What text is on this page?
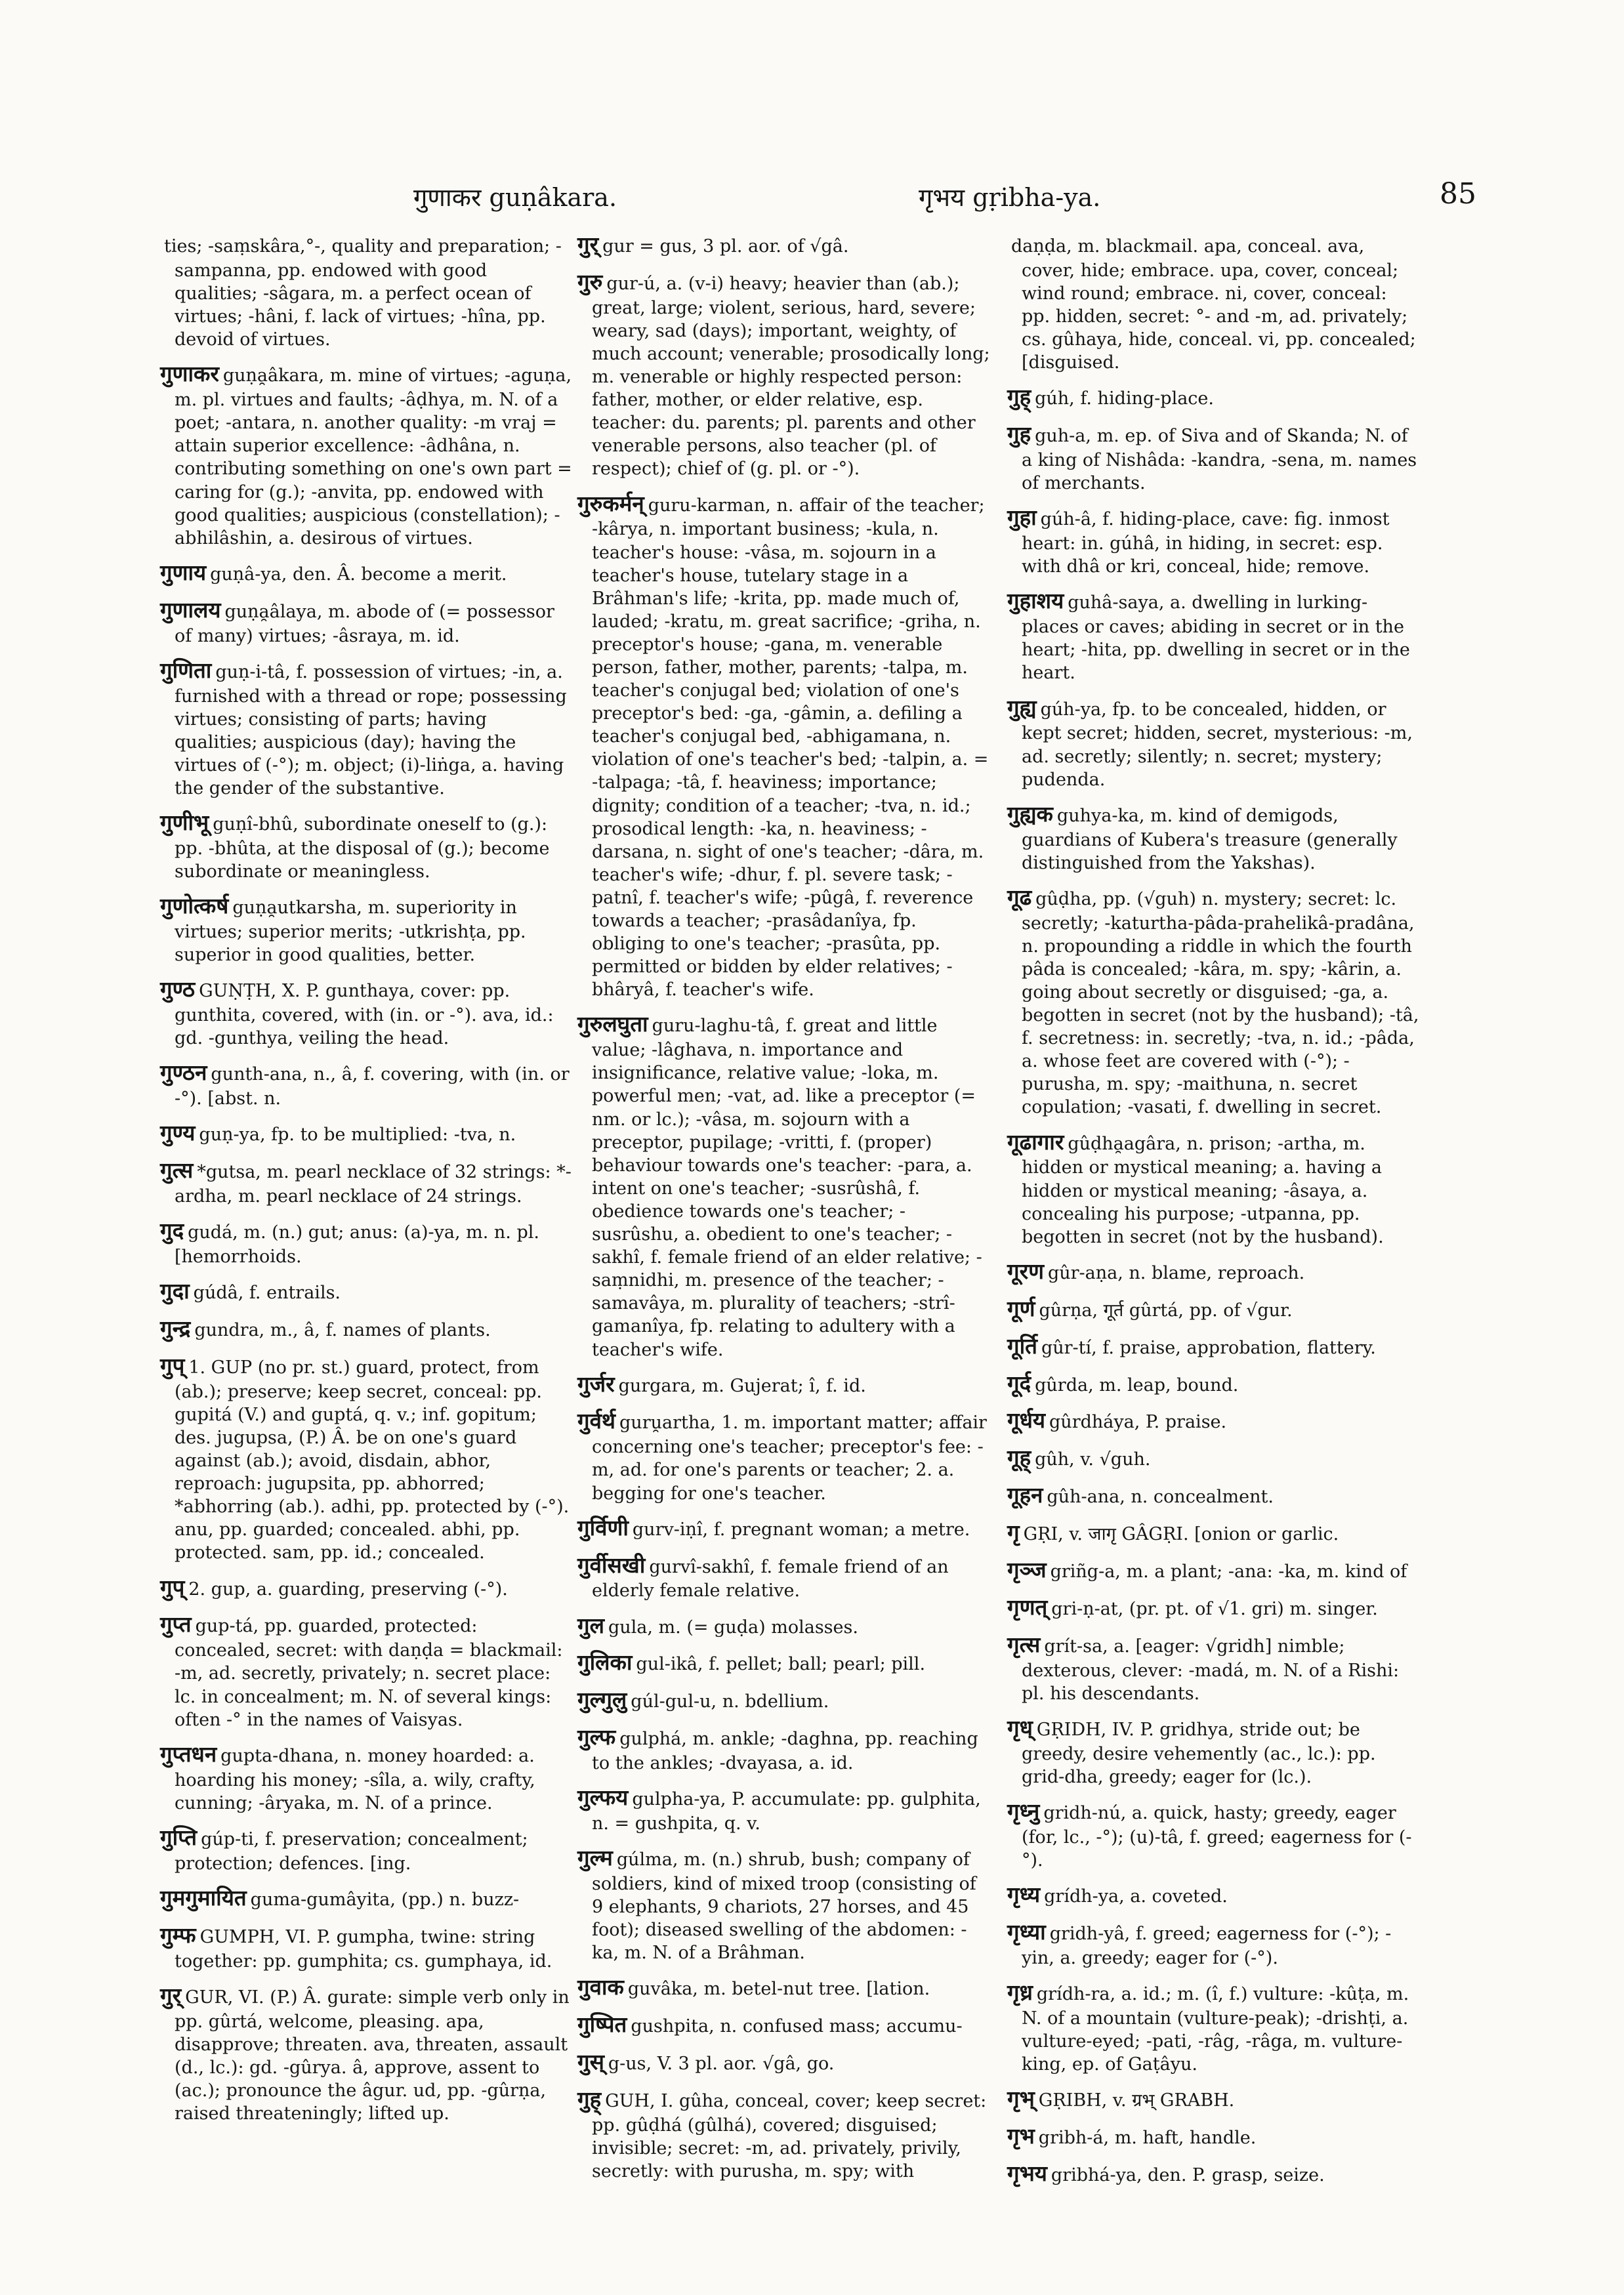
गुणाकर guṇâkara.	गृभय gṛibha-ya.	85
ties; -saṃskâra,°-, quality and preparation; -sampanna, pp. endowed with good qualities; -sâgara, m. a perfect ocean of virtues; -hâni, f. lack of virtues; -hîna, pp. devoid of virtues.
गुणाकर guṇa̯âkara, m. mine of virtues; -aguṇa, m. pl. virtues and faults; -âḍhya, m. N. of a poet; -antara, n. another quality: -m vraj = attain superior excellence: -âdhâna, n. contributing something on one's own part = caring for (g.); -anvita, pp. endowed with good qualities; auspicious (constellation); -abhilâshin, a. desirous of virtues.
गुणाय guṇâ-ya, den. Â. become a merit.
गुणालय guṇa̯âlaya, m. abode of (= possessor of many) virtues; -âsraya, m. id.
गुणिता guṇ-i-tâ, f. possession of virtues; -in, a. furnished with a thread or rope; possessing virtues; consisting of parts; having qualities; auspicious (day); having the virtues of (-°); m. object; (i)-liṅga, a. having the gender of the substantive.
गुणीभू guṇî-bhû, subordinate oneself to (g.): pp. -bhûta, at the disposal of (g.); become subordinate or meaningless.
गुणोत्कर्ष guṇa̯utkarsha, m. superiority in virtues; superior merits; -utkrishṭa, pp. superior in good qualities, better.
गुण्ठ GUṆṬH, X. P. gunthaya, cover: pp. gunthita, covered, with (in. or -°). ava, id.: gd. -gunthya, veiling the head.
गुण्ठन gunth-ana, n., â, f. covering, with (in. or -°). [abst. n.
गुण्य guṇ-ya, fp. to be multiplied: -tva, n.
गुत्स *gutsa, m. pearl necklace of 32 strings: *-ardha, m. pearl necklace of 24 strings.
गुद gudá, m. (n.) gut; anus: (a)-ya, m. n. pl. [hemorrhoids.
गुदा gúdâ, f. entrails.
गुन्द्र gundra, m., â, f. names of plants.
गुप् 1. GUP (no pr. st.) guard, protect, from (ab.); preserve; keep secret, conceal: pp. gupitá (V.) and guptá, q. v.; inf. gopitum; des. jugupsa, (P.) Â. be on one's guard against (ab.); avoid, disdain, abhor, reproach: jugupsita, pp. abhorred; *abhorring (ab.). adhi, pp. protected by (-°). anu, pp. guarded; concealed. abhi, pp. protected. sam, pp. id.; concealed.
गुप् 2. gup, a. guarding, preserving (-°).
गुप्त gup-tá, pp. guarded, protected: concealed, secret: with daṇḍa = blackmail: -m, ad. secretly, privately; n. secret place: lc. in concealment; m. N. of several kings: often -° in the names of Vaisyas.
गुप्तधन gupta-dhana, n. money hoarded: a. hoarding his money; -sîla, a. wily, crafty, cunning; -âryaka, m. N. of a prince.
गुप्ति gúp-ti, f. preservation; concealment; protection; defences. [ing.
गुमगुमायित guma-gumâyita, (pp.) n. buzz-
गुम्फ GUMPH, VI. P. gumpha, twine: string together: pp. gumphita; cs. gumphaya, id.
गुर् GUR, VI. (P.) Â. gurate: simple verb only in pp. gûrtá, welcome, pleasing. apa, disapprove; threaten. ava, threaten, assault (d., lc.): gd. -gûrya. â, approve, assent to (ac.); pronounce the âgur. ud, pp. -gûrṇa, raised threateningly; lifted up.
गुर् gur = gus, 3 pl. aor. of √gâ.
गुरु gur-ú, a. (v-i) heavy; heavier than (ab.); great, large; violent, serious, hard, severe; weary, sad (days); important, weighty, of much account; venerable; prosodically long; m. venerable or highly respected person: father, mother, or elder relative, esp. teacher: du. parents; pl. parents and other venerable persons, also teacher (pl. of respect); chief of (g. pl. or -°).
गुरुकर्मन् guru-karman, n. affair of the teacher; -kârya, n. important business; -kula, n. teacher's house: -vâsa, m. sojourn in a teacher's house, tutelary stage in a Brâhman's life; -krita, pp. made much of, lauded; -kratu, m. great sacrifice; -griha, n. preceptor's house; -gana, m. venerable person, father, mother, parents; -talpa, m. teacher's conjugal bed; violation of one's preceptor's bed: -ga, -gâmin, a. defiling a teacher's conjugal bed, -abhigamana, n. violation of one's teacher's bed; -talpin, a. = -talpaga; -tâ, f. heaviness; importance; dignity; condition of a teacher; -tva, n. id.; prosodical length: -ka, n. heaviness; -darsana, n. sight of one's teacher; -dâra, m. teacher's wife; -dhur, f. pl. severe task; -patnî, f. teacher's wife; -pûgâ, f. reverence towards a teacher; -prasâdanîya, fp. obliging to one's teacher; -prasûta, pp. permitted or bidden by elder relatives; -bhâryâ, f. teacher's wife.
गुरुलघुता guru-laghu-tâ, f. great and little value; -lâghava, n. importance and insignificance, relative value; -loka, m. powerful men; -vat, ad. like a preceptor (= nm. or lc.); -vâsa, m. sojourn with a preceptor, pupilage; -vritti, f. (proper) behaviour towards one's teacher: -para, a. intent on one's teacher; -susrûshâ, f. obedience towards one's teacher; -susrûshu, a. obedient to one's teacher; -sakhî, f. female friend of an elder relative; -saṃnidhi, m. presence of the teacher; -samavâya, m. plurality of teachers; -strî-gamanîya, fp. relating to adultery with a teacher's wife.
गुर्जर gurgara, m. Gujerat; î, f. id.
गुर्वर्थ guru̯artha, 1. m. important matter; affair concerning one's teacher; preceptor's fee: -m, ad. for one's parents or teacher; 2. a. begging for one's teacher.
गुर्विणी gurv-iṇî, f. pregnant woman; a metre.
गुर्वीसखी gurvî-sakhî, f. female friend of an elderly female relative.
गुल gula, m. (= guḍa) molasses.
गुलिका gul-ikâ, f. pellet; ball; pearl; pill.
गुल्गुलु gúl-gul-u, n. bdellium.
गुल्फ gulphá, m. ankle; -daghna, pp. reaching to the ankles; -dvayasa, a. id.
गुल्फय gulpha-ya, P. accumulate: pp. gulphita, n. = gushpita, q. v.
गुल्म gúlma, m. (n.) shrub, bush; company of soldiers, kind of mixed troop (consisting of 9 elephants, 9 chariots, 27 horses, and 45 foot); diseased swelling of the abdomen: -ka, m. N. of a Brâhman.
गुवाक guvâka, m. betel-nut tree. [lation.
गुष्पित gushpita, n. confused mass; accumu-
गुस् g-us, V. 3 pl. aor. √gâ, go.
गुह् GUH, I. gûha, conceal, cover; keep secret: pp. gûḍhá (gûlhá), covered; disguised; invisible; secret: -m, ad. privately, privily, secretly: with purusha, m. spy; with
daṇḍa, m. blackmail. apa, conceal. ava, cover, hide; embrace. upa, cover, conceal; wind round; embrace. ni, cover, conceal: pp. hidden, secret: °- and -m, ad. privately; cs. gûhaya, hide, conceal. vi, pp. concealed; [disguised.
गुह् gúh, f. hiding-place.
गुह guh-a, m. ep. of Siva and of Skanda; N. of a king of Nishâda: -kandra, -sena, m. names of merchants.
गुहा gúh-â, f. hiding-place, cave: fig. inmost heart: in. gúhâ, in hiding, in secret: esp. with dhâ or kri, conceal, hide; remove.
गुहाशय guhâ-saya, a. dwelling in lurking-places or caves; abiding in secret or in the heart; -hita, pp. dwelling in secret or in the heart.
गुह्य gúh-ya, fp. to be concealed, hidden, or kept secret; hidden, secret, mysterious: -m, ad. secretly; silently; n. secret; mystery; pudenda.
गुह्यक guhya-ka, m. kind of demigods, guardians of Kubera's treasure (generally distinguished from the Yakshas).
गूढ gûḍha, pp. (√guh) n. mystery; secret: lc. secretly; -katurtha-pâda-prahelikâ-pradâna, n. propounding a riddle in which the fourth pâda is concealed; -kâra, m. spy; -kârin, a. going about secretly or disguised; -ga, a. begotten in secret (not by the husband); -tâ, f. secretness: in. secretly; -tva, n. id.; -pâda, a. whose feet are covered with (-°); -purusha, m. spy; -maithuna, n. secret copulation; -vasati, f. dwelling in secret.
गूढागार gûḍha̯agâra, n. prison; -artha, m. hidden or mystical meaning; a. having a hidden or mystical meaning; -âsaya, a. concealing his purpose; -utpanna, pp. begotten in secret (not by the husband).
गूरण gûr-aṇa, n. blame, reproach.
गूर्ण gûrṇa, गूर्त gûrtá, pp. of √gur.
गूर्ति gûr-tí, f. praise, approbation, flattery.
गूर्द gûrda, m. leap, bound.
गूर्धय gûrdháya, P. praise.
गूह् gûh, v. √guh.
गूहन gûh-ana, n. concealment.
गृ GṚI, v. जागृ GÂGṚI. [onion or garlic.
गृञ्ज griñg-a, m. a plant; -ana: -ka, m. kind of
गृणत् gri-ṇ-at, (pr. pt. of √1. gri) m. singer.
गृत्स grít-sa, a. [eager: √gridh] nimble; dexterous, clever: -madá, m. N. of a Rishi: pl. his descendants.
गृध् GṚIDH, IV. P. gridhya, stride out; be greedy, desire vehemently (ac., lc.): pp. grid-dha, greedy; eager for (lc.).
गृध्नु gridh-nú, a. quick, hasty; greedy, eager (for, lc., -°); (u)-tâ, f. greed; eagerness for (-°).
गृध्य grídh-ya, a. coveted.
गृध्या gridh-yâ, f. greed; eagerness for (-°); -yin, a. greedy; eager for (-°).
गृध्र grídh-ra, a. id.; m. (î, f.) vulture: -kûṭa, m. N. of a mountain (vulture-peak); -drishṭi, a. vulture-eyed; -pati, -râg, -râga, m. vulture-king, ep. of Gaṭâyu.
गृभ् GṚIBH, v. ग्रभ् GRABH.
गृभ gribh-á, m. haft, handle.
गृभय gribhá-ya, den. P. grasp, seize.
